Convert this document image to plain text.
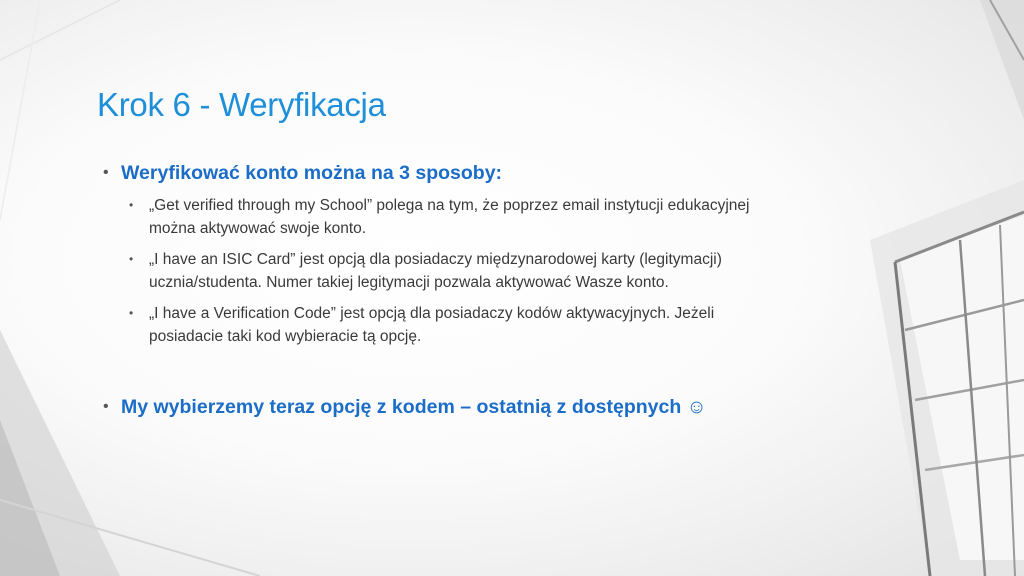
Krok 6 - Weryfikacja
• Weryfikować konto można na 3 sposoby:
• „Get verified through my School” polega na tym, że poprzez email instytucji edukacyjnej można aktywować swoje konto.
• „I have an ISIC Card” jest opcją dla posiadaczy międzynarodowej karty (legitymacji) ucznia/studenta. Numer takiej legitymacji pozwala aktywować Wasze konto.
• „I have a Verification Code” jest opcją dla posiadaczy kodów aktywacyjnych. Jeżeli posiadacie taki kod wybieracie tą opcję.
• My wybierzemy teraz opcję z kodem – ostatnią z dostępnych ☺
